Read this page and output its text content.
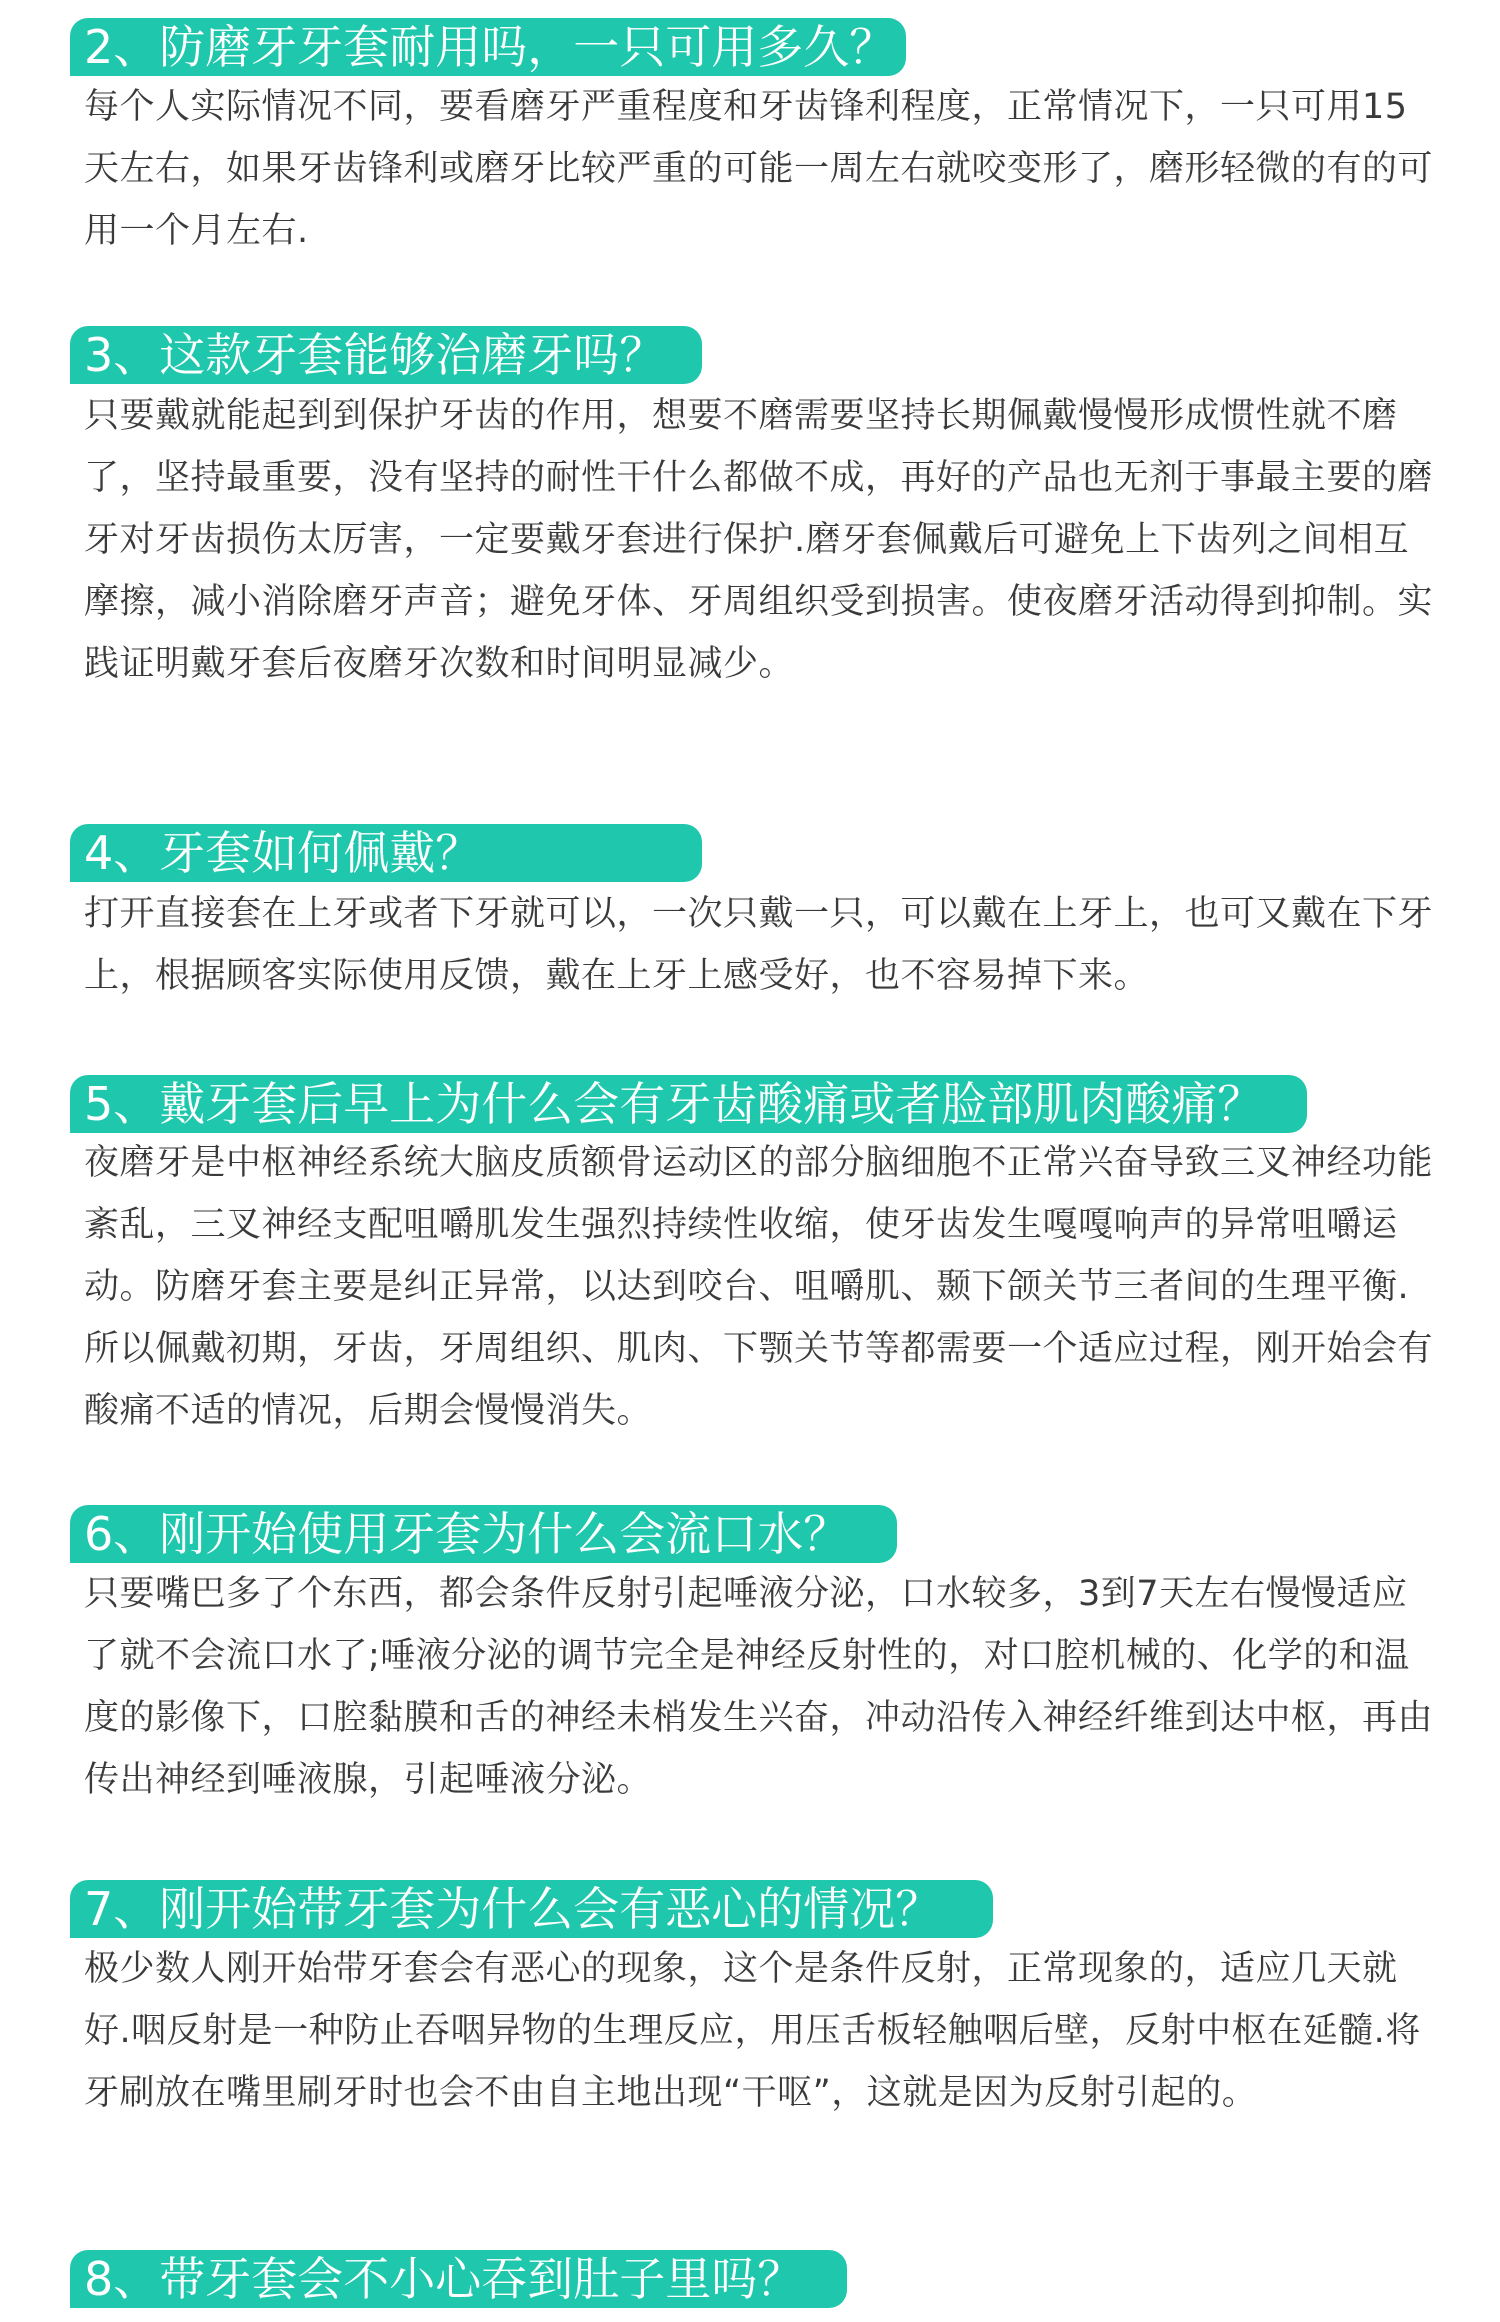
2、防磨牙牙套耐用吗，一只可用多久？

每个人实际情况不同，要看磨牙严重程度和牙齿锋利程度，正常情况下，一只可用15天左右，如果牙齿锋利或磨牙比较严重的可能一周左右就咬变形了，磨形轻微的有的可用一个月左右.

3、这款牙套能够治磨牙吗？

只要戴就能起到到保护牙齿的作用，想要不磨需要坚持长期佩戴慢慢形成惯性就不磨了，坚持最重要，没有坚持的耐性干什么都做不成，再好的产品也无剂于事最主要的磨牙对牙齿损伤太厉害，一定要戴牙套进行保护.磨牙套佩戴后可避免上下齿列之间相互摩擦，减小消除磨牙声音；避免牙体、牙周组织受到损害。使夜磨牙活动得到抑制。实践证明戴牙套后夜磨牙次数和时间明显减少。

4、牙套如何佩戴？

打开直接套在上牙或者下牙就可以，一次只戴一只，可以戴在上牙上，也可又戴在下牙上，根据顾客实际使用反馈，戴在上牙上感受好，也不容易掉下来。

5、戴牙套后早上为什么会有牙齿酸痛或者脸部肌肉酸痛？

夜磨牙是中枢神经系统大脑皮质额骨运动区的部分脑细胞不正常兴奋导致三叉神经功能紊乱，三叉神经支配咀嚼肌发生强烈持续性收缩，使牙齿发生嘎嘎响声的异常咀嚼运动。防磨牙套主要是纠正异常，以达到咬台、咀嚼肌、颞下颌关节三者间的生理平衡.所以佩戴初期，牙齿，牙周组织、肌肉、下颚关节等都需要一个适应过程，刚开始会有酸痛不适的情况，后期会慢慢消失。

6、刚开始使用牙套为什么会流口水？

只要嘴巴多了个东西，都会条件反射引起唾液分泌，口水较多，3到7天左右慢慢适应了就不会流口水了;唾液分泌的调节完全是神经反射性的，对口腔机械的、化学的和温度的影像下，口腔黏膜和舌的神经未梢发生兴奋，冲动沿传入神经纤维到达中枢，再由传出神经到唾液腺，引起唾液分泌。

7、刚开始带牙套为什么会有恶心的情况？

极少数人刚开始带牙套会有恶心的现象，这个是条件反射，正常现象的，适应几天就好.咽反射是一种防止吞咽异物的生理反应，用压舌板轻触咽后壁，反射中枢在延髓.将牙刷放在嘴里刷牙时也会不由自主地出现“干呕”，这就是因为反射引起的。

8、带牙套会不小心吞到肚子里吗？
